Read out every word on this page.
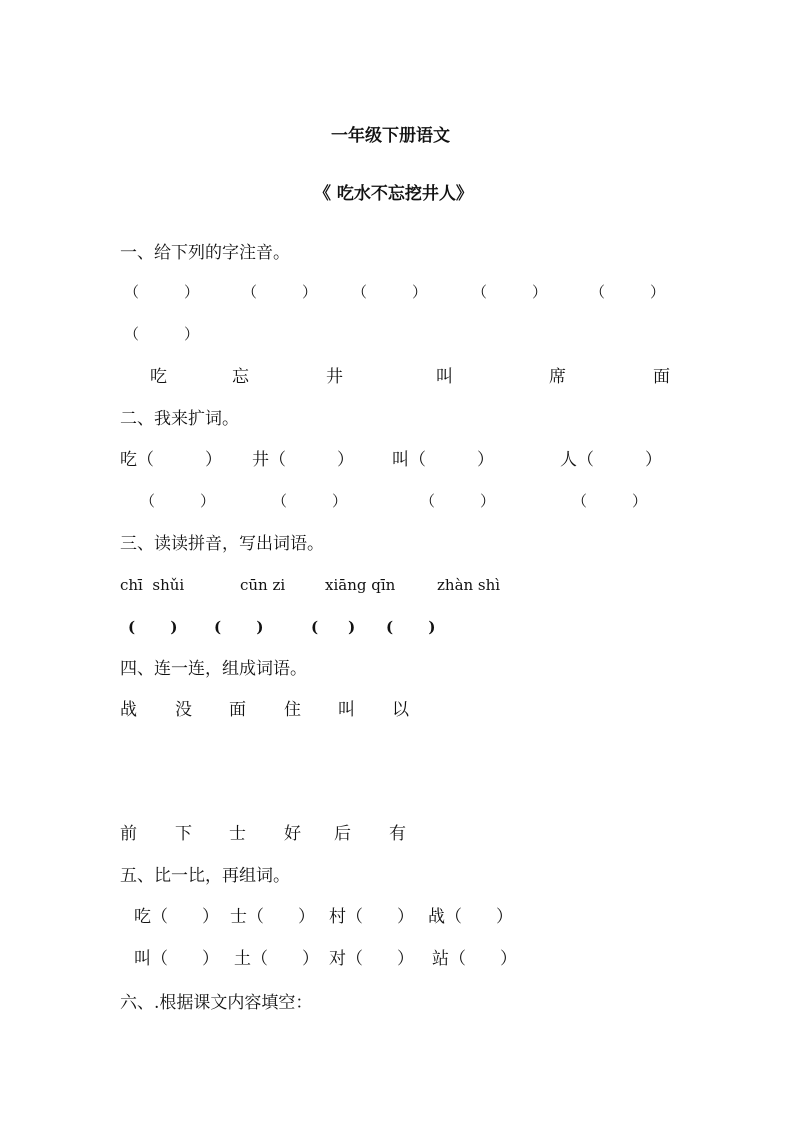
一年级下册语文
《 吃水不忘挖井人》
一、给下列的字注音。
（　　　）	（　　　） （　　　）	（　　　）	（　　　）
（　　　）
吃	忘	井	叫	席	面
二、我来扩词。
吃（　　　） 井（　　　） 叫（　　　）	人（　　　）
（　　　）	（　　　）	（　　　）	（　　　）
三、读读拼音，写出词语。
chī  shǔi	cūn zi	xiāng qīn	zhàn shì
(　　 ) (　　 )	(　　) (　　 )
四、连一连，组成词语。
战 没 面 住 叫 以
前 下 士 好 后 有
五、比一比，再组词。
吃（　　） 士（　　） 村（　　） 战（　　）
叫（　　） 土（　　） 对（　　） 站（　　）
六、.根据课文内容填空：
